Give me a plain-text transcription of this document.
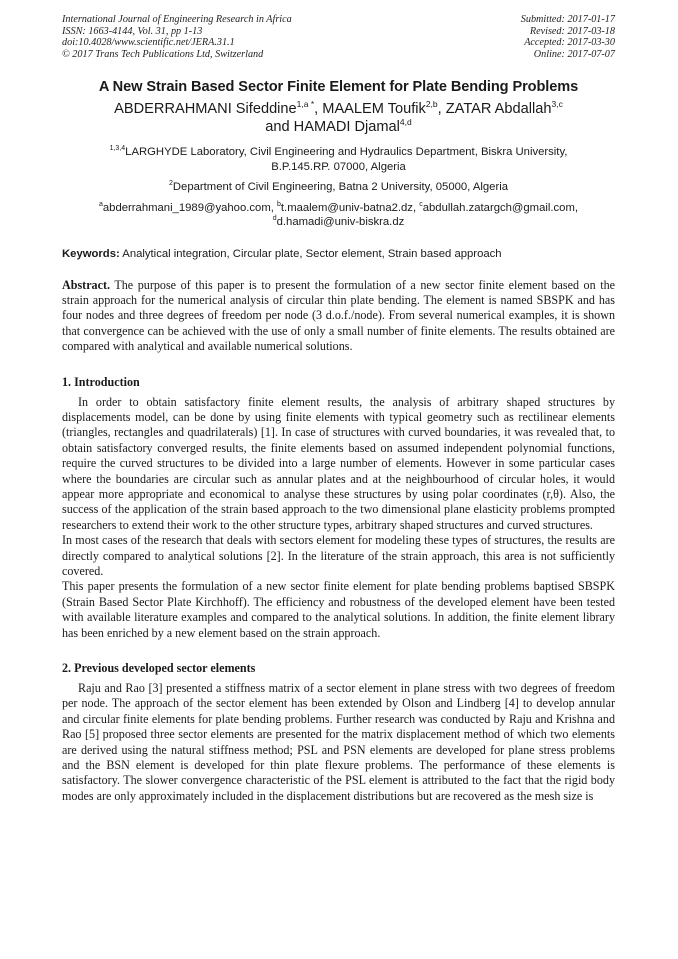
International Journal of Engineering Research in Africa
ISSN: 1663-4144, Vol. 31, pp 1-13
doi:10.4028/www.scientific.net/JERA.31.1
© 2017 Trans Tech Publications Ltd, Switzerland
Submitted: 2017-01-17
Revised: 2017-03-18
Accepted: 2017-03-30
Online: 2017-07-07
A New Strain Based Sector Finite Element for Plate Bending Problems
ABDERRAHMANI Sifeddine$^{1,a *}$, MAALEM Toufik$^{2,b}$, ZATAR Abdallah$^{3,c}$
and HAMADI Djamal$^{4,d}$
$^{1,3,4}$LARGHYDE Laboratory, Civil Engineering and Hydraulics Department, Biskra University,
B.P.145.RP. 07000, Algeria
$^2$Department of Civil Engineering, Batna 2 University, 05000, Algeria
$^a$abderrahmani_1989@yahoo.com, $^b$t.maalem@univ-batna2.dz, $^c$abdullah.zatargch@gmail.com,
$^d$d.hamadi@univ-biskra.dz
Keywords: Analytical integration, Circular plate, Sector element, Strain based approach

Abstract. The purpose of this paper is to present the formulation of a new sector finite element based on the strain approach for the numerical analysis of circular thin plate bending. The element is named SBSPK and has four nodes and three degrees of freedom per node (3 d.o.f./node). From several numerical examples, it is shown that convergence can be achieved with the use of only a small number of finite elements. The results obtained are compared with analytical and available numerical solutions.

1. Introduction

In order to obtain satisfactory finite element results, the analysis of arbitrary shaped structures by displacements model, can be done by using finite elements with typical geometry such as rectilinear elements (triangles, rectangles and quadrilaterals) [1]. In case of structures with curved boundaries, it was revealed that, to obtain satisfactory converged results, the finite elements based on assumed independent polynomial functions, require the curved structures to be divided into a large number of elements. However in some particular cases where the boundaries are circular such as annular plates and at the neighbourhood of circular holes, it would appear more appropriate and economical to analyse these structures by using polar coordinates (r,θ). Also, the success of the application of the strain based approach to the two dimensional plane elasticity problems prompted researchers to extend their work to the other structure types, arbitrary shaped structures and curved structures.

In most cases of the research that deals with sectors element for modeling these types of structures, the results are directly compared to analytical solutions [2]. In the literature of the strain approach, this area is not sufficiently covered.

This paper presents the formulation of a new sector finite element for plate bending problems baptised SBSPK (Strain Based Sector Plate Kirchhoff). The efficiency and robustness of the developed element have been tested with available literature examples and compared to the analytical solutions. In addition, the finite element library has been enriched by a new element based on the strain approach.

2. Previous developed sector elements

Raju and Rao [3] presented a stiffness matrix of a sector element in plane stress with two degrees of freedom per node. The approach of the sector element has been extended by Olson and Lindberg [4] to develop annular and circular finite elements for plate bending problems. Further research was conducted by Raju and Krishna and Rao [5] proposed three sector elements are presented for the matrix displacement method of which two elements are derived using the natural stiffness method; PSL and PSN elements are developed for plane stress problems and the BSN element is developed for thin plate flexure problems. The performance of these elements is satisfactory. The slower convergence characteristic of the PSL element is attributed to the fact that the rigid body modes are only approximately included in the displacement distributions but are recovered as the mesh size is
